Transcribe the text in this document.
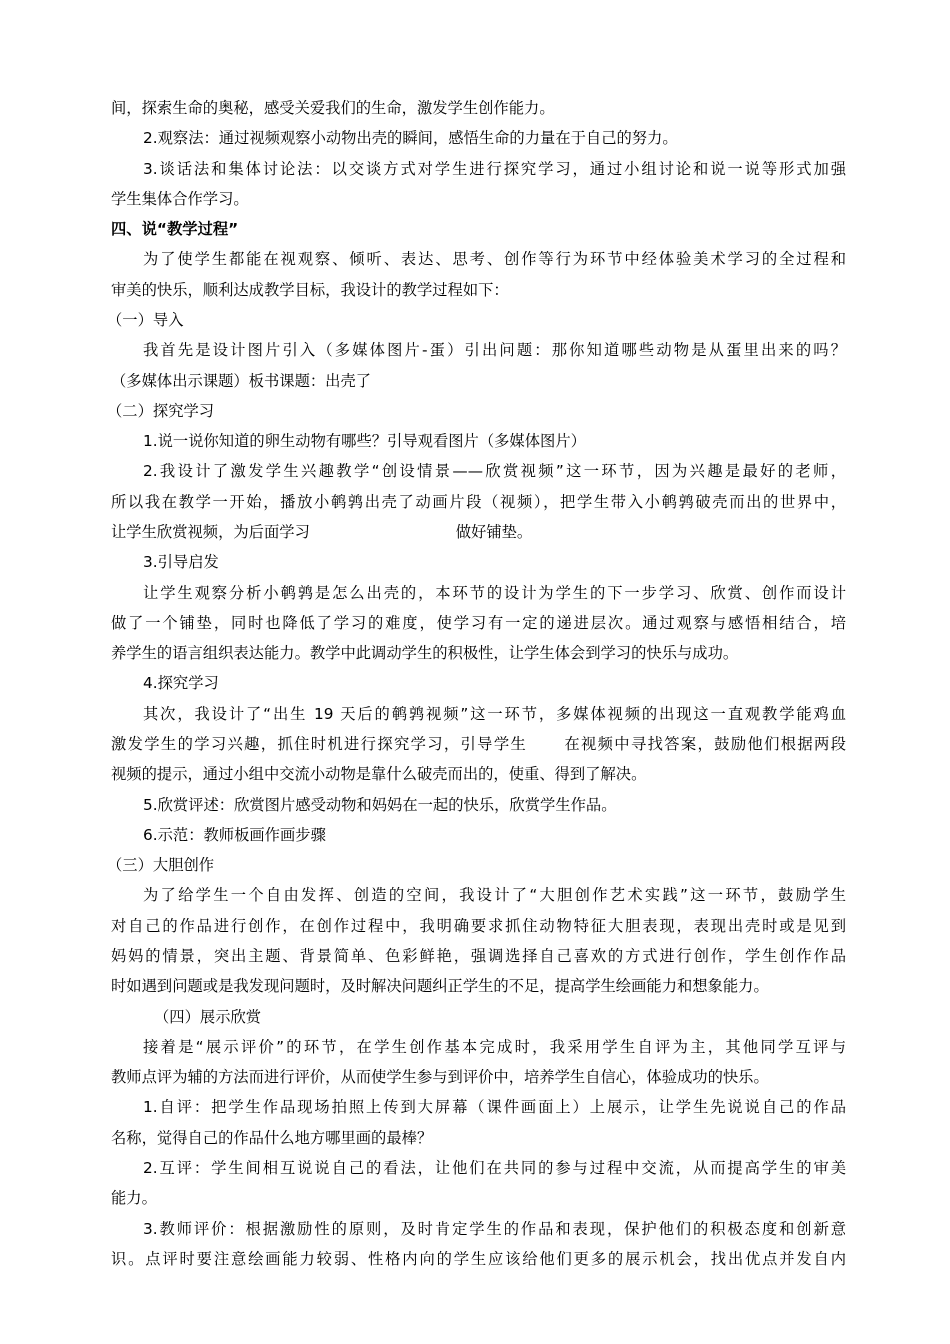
间，探索生命的奥秘，感受关爱我们的生命，激发学生创作能力。
2.观察法：通过视频观察小动物出壳的瞬间，感悟生命的力量在于自己的努力。
3.谈话法和集体讨论法：以交谈方式对学生进行探究学习，通过小组讨论和说一说等形式加强
学生集体合作学习。
四、说“教学过程”
为了使学生都能在视观察、倾听、表达、思考、创作等行为环节中经体验美术学习的全过程和
审美的快乐，顺利达成教学目标，我设计的教学过程如下：
（一）导入
我首先是设计图片引入（多媒体图片-蛋）引出问题：那你知道哪些动物是从蛋里出来的吗？
（多媒体出示课题）板书课题：出壳了
（二）探究学习
1.说一说你知道的卵生动物有哪些？引导观看图片（多媒体图片）
2.我设计了激发学生兴趣教学“创设情景——欣赏视频”这一环节，因为兴趣是最好的老师，
所以我在教学一开始，播放小鹌鹑出壳了动画片段（视频），把学生带入小鹌鹑破壳而出的世界中，
让学生欣赏视频，为后面学习                              做好铺垫。
3.引导启发
让学生观察分析小鹌鹑是怎么出壳的，本环节的设计为学生的下一步学习、欣赏、创作而设计
做了一个铺垫，同时也降低了学习的难度，使学习有一定的递进层次。通过观察与感悟相结合，培
养学生的语言组织表达能力。教学中此调动学生的积极性，让学生体会到学习的快乐与成功。
4.探究学习
其次，我设计了“出生 19 天后的鹌鹑视频”这一环节，多媒体视频的出现这一直观教学能鸡血
激发学生的学习兴趣，抓住时机进行探究学习，引导学生      在视频中寻找答案，鼓励他们根据两段
视频的提示，通过小组中交流小动物是靠什么破壳而出的，使重、得到了解决。
5.欣赏评述：欣赏图片感受动物和妈妈在一起的快乐，欣赏学生作品。
6.示范：教师板画作画步骤
（三）大胆创作
为了给学生一个自由发挥、创造的空间，我设计了“大胆创作艺术实践”这一环节，鼓励学生
对自己的作品进行创作，在创作过程中，我明确要求抓住动物特征大胆表现，表现出壳时或是见到
妈妈的情景，突出主题、背景简单、色彩鲜艳，强调选择自己喜欢的方式进行创作，学生创作作品
时如遇到问题或是我发现问题时，及时解决问题纠正学生的不足，提高学生绘画能力和想象能力。
（四）展示欣赏
接着是“展示评价”的环节，在学生创作基本完成时，我采用学生自评为主，其他同学互评与
教师点评为辅的方法而进行评价，从而使学生参与到评价中，培养学生自信心，体验成功的快乐。
1.自评：把学生作品现场拍照上传到大屏幕（课件画面上）上展示，让学生先说说自己的作品
名称，觉得自己的作品什么地方哪里画的最棒？
2.互评：学生间相互说说自己的看法，让他们在共同的参与过程中交流，从而提高学生的审美
能力。
3.教师评价：根据激励性的原则，及时肯定学生的作品和表现，保护他们的积极态度和创新意
识。点评时要注意绘画能力较弱、性格内向的学生应该给他们更多的展示机会，找出优点并发自内
